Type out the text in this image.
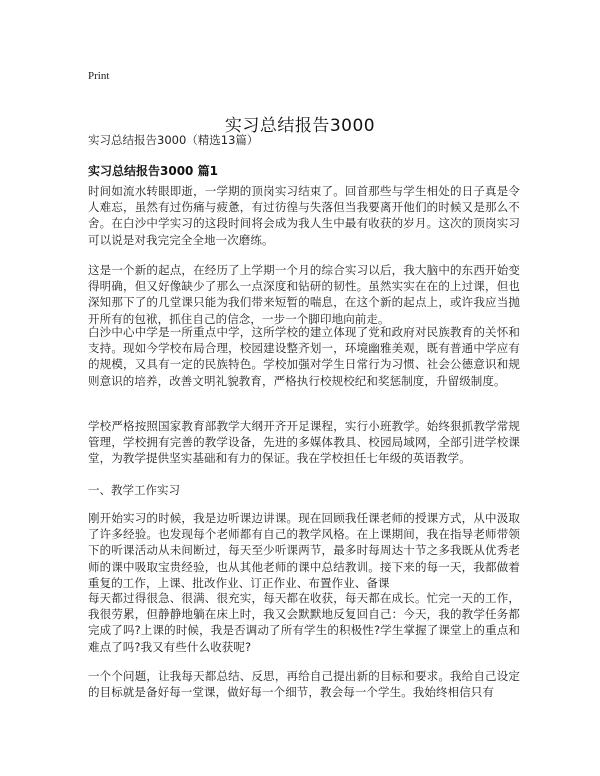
Print
实习总结报告3000
实习总结报告3000（精选13篇）
实习总结报告3000 篇1

时间如流水转眼即逝，一学期的顶岗实习结束了。回首那些与学生相处的日子真是令人难忘，虽然有过伤痛与疲惫，有过彷徨与失落但当我要离开他们的时候又是那么不舍。在白沙中学实习的这段时间将会成为我人生中最有收获的岁月。这次的顶岗实习可以说是对我完完全全地一次磨练。

这是一个新的起点，在经历了上学期一个月的综合实习以后，我大脑中的东西开始变得明确，但又好像缺少了那么一点深度和钻研的韧性。虽然实实在在的上过课，但也深知那下了的几堂课只能为我们带来短暂的喘息，在这个新的起点上，或许我应当抛开所有的包袱，抓住自己的信念，一步一个脚印地向前走。

白沙中心中学是一所重点中学，这所学校的建立体现了党和政府对民族教育的关怀和支持。现如今学校布局合理，校园建设整齐划一，环境幽雅美观，既有普通中学应有的规模，又具有一定的民族特色。学校加强对学生日常行为习惯、社会公德意识和规则意识的培养，改善文明礼貌教育，严格执行校规校纪和奖惩制度，升留级制度。

学校严格按照国家教育部教学大纲开齐开足课程，实行小班教学。始终狠抓教学常规管理，学校拥有完善的教学设备，先进的多媒体教具、校园局域网，全部引进学校课堂，为教学提供坚实基础和有力的保证。我在学校担任七年级的英语教学。

一、教学工作实习

刚开始实习的时候，我是边听课边讲课。现在回顾我任课老师的授课方式，从中汲取了许多经验。也发现每个老师都有自己的教学风格。在上课期间，我在指导老师带领下的听课活动从未间断过，每天至少听课两节，最多时每周达十节之多我既从优秀老师的课中吸取宝贵经验，也从其他老师的课中总结教训。接下来的每一天，我都做着重复的工作，上课、批改作业、订正作业、布置作业、备课

每天都过得很急、很满、很充实，每天都在收获，每天都在成长。忙完一天的工作，我很劳累，但静静地躺在床上时，我又会默默地反复回自己：今天，我的教学任务都完成了吗?上课的时候，我是否调动了所有学生的积极性?学生掌握了课堂上的重点和难点了吗?我又有些什么收获呢?

一个个问题，让我每天都总结、反思，再给自己提出新的目标和要求。我给自己设定的目标就是备好每一堂课，做好每一个细节，教会每一个学生。我始终相信只有
